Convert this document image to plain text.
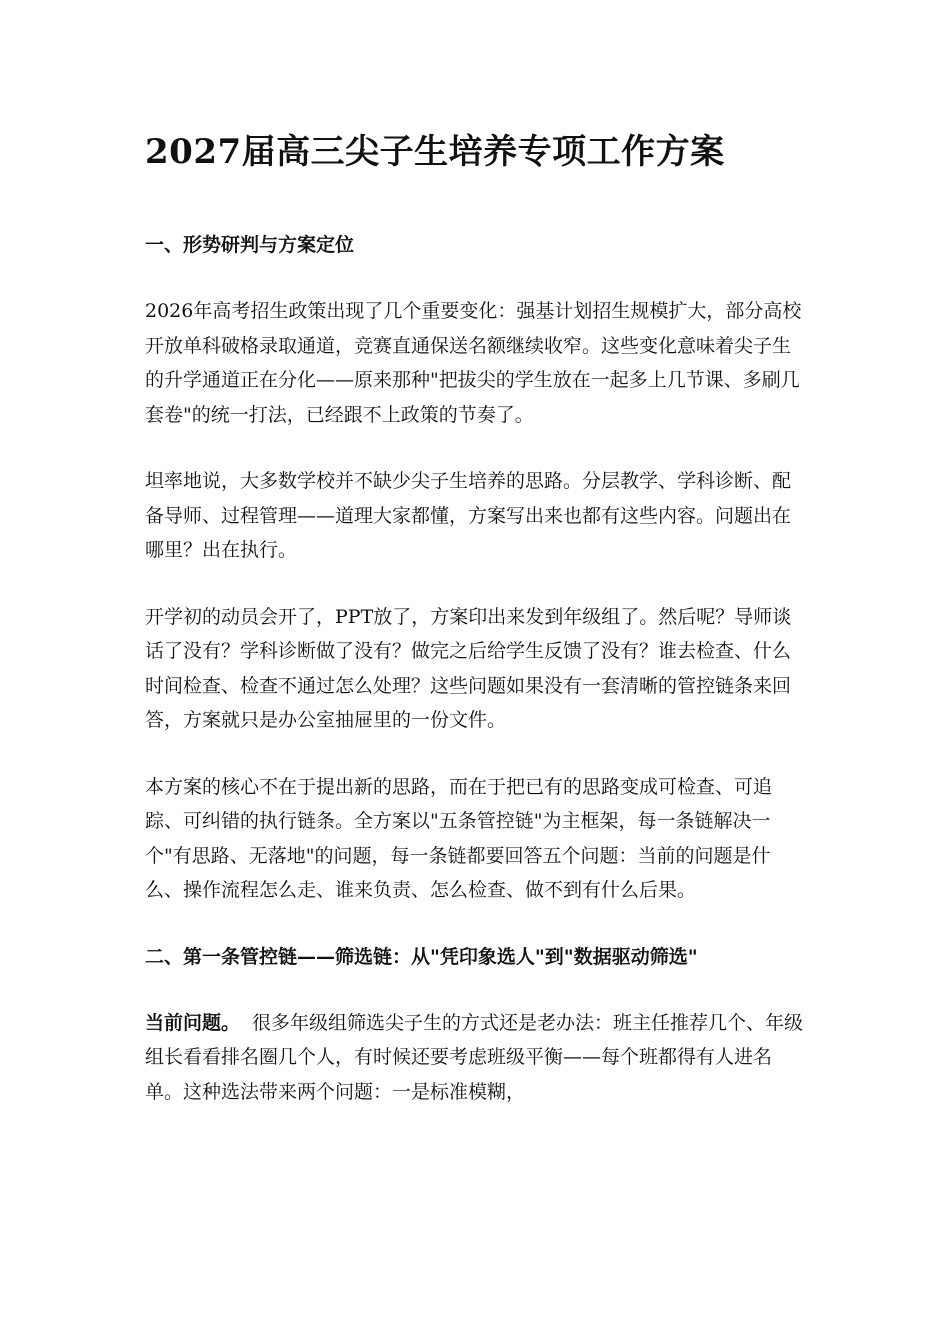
2027届高三尖子生培养专项工作方案
一、形势研判与方案定位

2026年高考招生政策出现了几个重要变化：强基计划招生规模扩大，部分高校开放单科破格录取通道，竞赛直通保送名额继续收窄。这些变化意味着尖子生的升学通道正在分化——原来那种"把拔尖的学生放在一起多上几节课、多刷几套卷"的统一打法，已经跟不上政策的节奏了。

坦率地说，大多数学校并不缺少尖子生培养的思路。分层教学、学科诊断、配备导师、过程管理——道理大家都懂，方案写出来也都有这些内容。问题出在哪里？出在执行。

开学初的动员会开了，PPT放了，方案印出来发到年级组了。然后呢？导师谈话了没有？学科诊断做了没有？做完之后给学生反馈了没有？谁去检查、什么时间检查、检查不通过怎么处理？这些问题如果没有一套清晰的管控链条来回答，方案就只是办公室抽屉里的一份文件。

本方案的核心不在于提出新的思路，而在于把已有的思路变成可检查、可追踪、可纠错的执行链条。全方案以"五条管控链"为主框架，每一条链解决一个"有思路、无落地"的问题，每一条链都要回答五个问题：当前的问题是什么、操作流程怎么走、谁来负责、怎么检查、做不到有什么后果。

二、第一条管控链——筛选链：从"凭印象选人"到"数据驱动筛选"

当前问题。 很多年级组筛选尖子生的方式还是老办法：班主任推荐几个、年级组长看看排名圈几个人，有时候还要考虑班级平衡——每个班都得有人进名单。这种选法带来两个问题：一是标准模糊，
